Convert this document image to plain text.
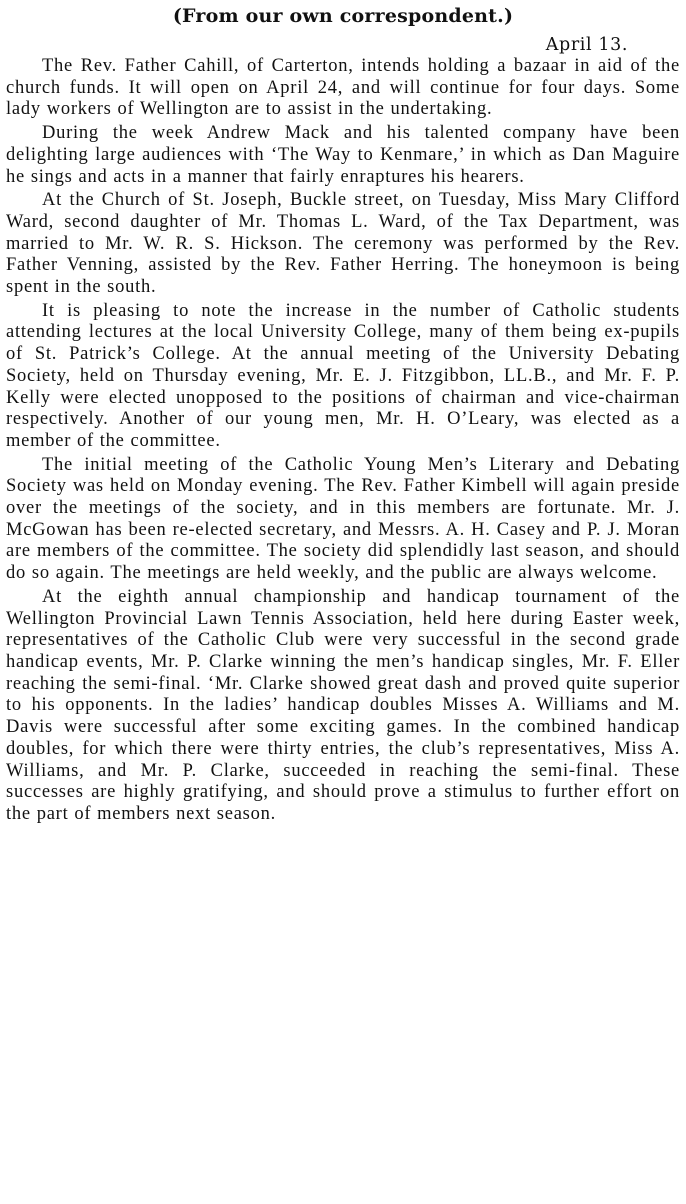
(From our own correspondent.)
April 13.

The Rev. Father Cahill, of Carterton, intends holding a bazaar in aid of the church funds. It will open on April 24, and will continue for four days. Some lady workers of Wellington are to assist in the undertaking.

During the week Andrew Mack and his talented company have been delighting large audiences with ‘The Way to Kenmare,’ in which as Dan Maguire he sings and acts in a manner that fairly enraptures his hearers.

At the Church of St. Joseph, Buckle street, on Tuesday, Miss Mary Clifford Ward, second daughter of Mr. Thomas L. Ward, of the Tax Department, was married to Mr. W. R. S. Hickson. The ceremony was performed by the Rev. Father Venning, assisted by the Rev. Father Herring. The honeymoon is being spent in the south.

It is pleasing to note the increase in the number of Catholic students attending lectures at the local University College, many of them being ex-pupils of St. Patrick’s College. At the annual meeting of the University Debating Society, held on Thursday evening, Mr. E. J. Fitzgibbon, LL.B., and Mr. F. P. Kelly were elected unopposed to the positions of chairman and vice-chairman respectively. Another of our young men, Mr. H. O’Leary, was elected as a member of the committee.

The initial meeting of the Catholic Young Men’s Literary and Debating Society was held on Monday evening. The Rev. Father Kimbell will again preside over the meetings of the society, and in this members are fortunate. Mr. J. McGowan has been re-elected secretary, and Messrs. A. H. Casey and P. J. Moran are members of the committee. The society did splendidly last season, and should do so again. The meetings are held weekly, and the public are always welcome.

At the eighth annual championship and handicap tournament of the Wellington Provincial Lawn Tennis Association, held here during Easter week, representatives of the Catholic Club were very successful in the second grade handicap events, Mr. P. Clarke winning the men’s handicap singles, Mr. F. Eller reaching the semi-final. ‘Mr. Clarke showed great dash and proved quite superior to his opponents. In the ladies’ handicap doubles Misses A. Williams and M. Davis were successful after some exciting games. In the combined handicap doubles, for which there were thirty entries, the club’s representatives, Miss A. Williams, and Mr. P. Clarke, succeeded in reaching the semi-final. These successes are highly gratifying, and should prove a stimulus to further effort on the part of members next season.
